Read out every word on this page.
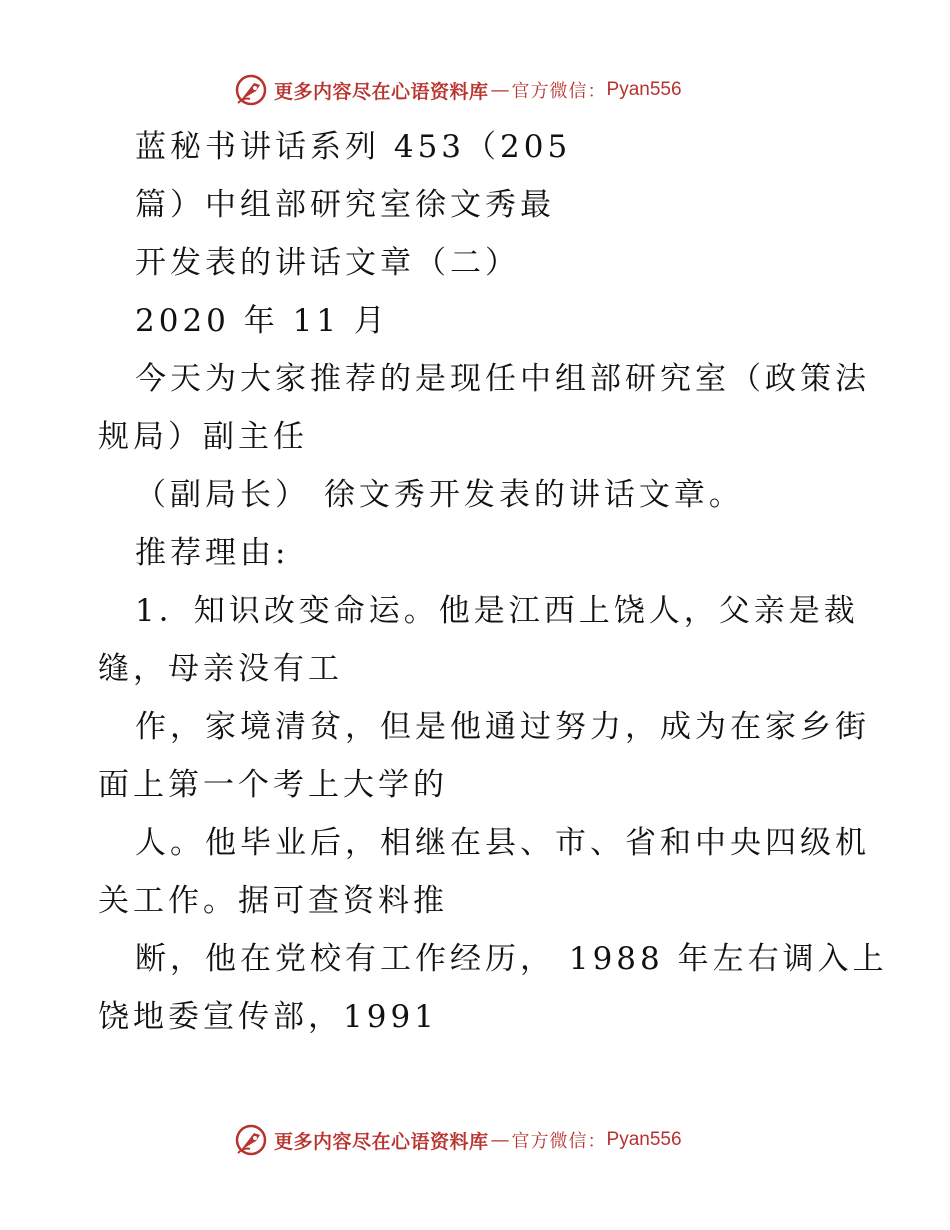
更多内容尽在心语资料库 — 官方微信： Pyan556
蓝秘书讲话系列 453（205
篇）中组部研究室徐文秀最
开发表的讲话文章（二）
2020 年 11 月
今天为大家推荐的是现任中组部研究室（政策法
规局）副主任
（副局长） 徐文秀开发表的讲话文章。
推荐理由:
1．知识改变命运。他是江西上饶人，父亲是裁
缝，母亲没有工
作，家境清贫，但是他通过努力，成为在家乡街
面上第一个考上大学的
人。他毕业后，相继在县、市、省和中央四级机
关工作。据可查资料推
断，他在党校有工作经历， 1988 年左右调入上
饶地委宣传部，1991
更多内容尽在心语资料库 — 官方微信： Pyan556
